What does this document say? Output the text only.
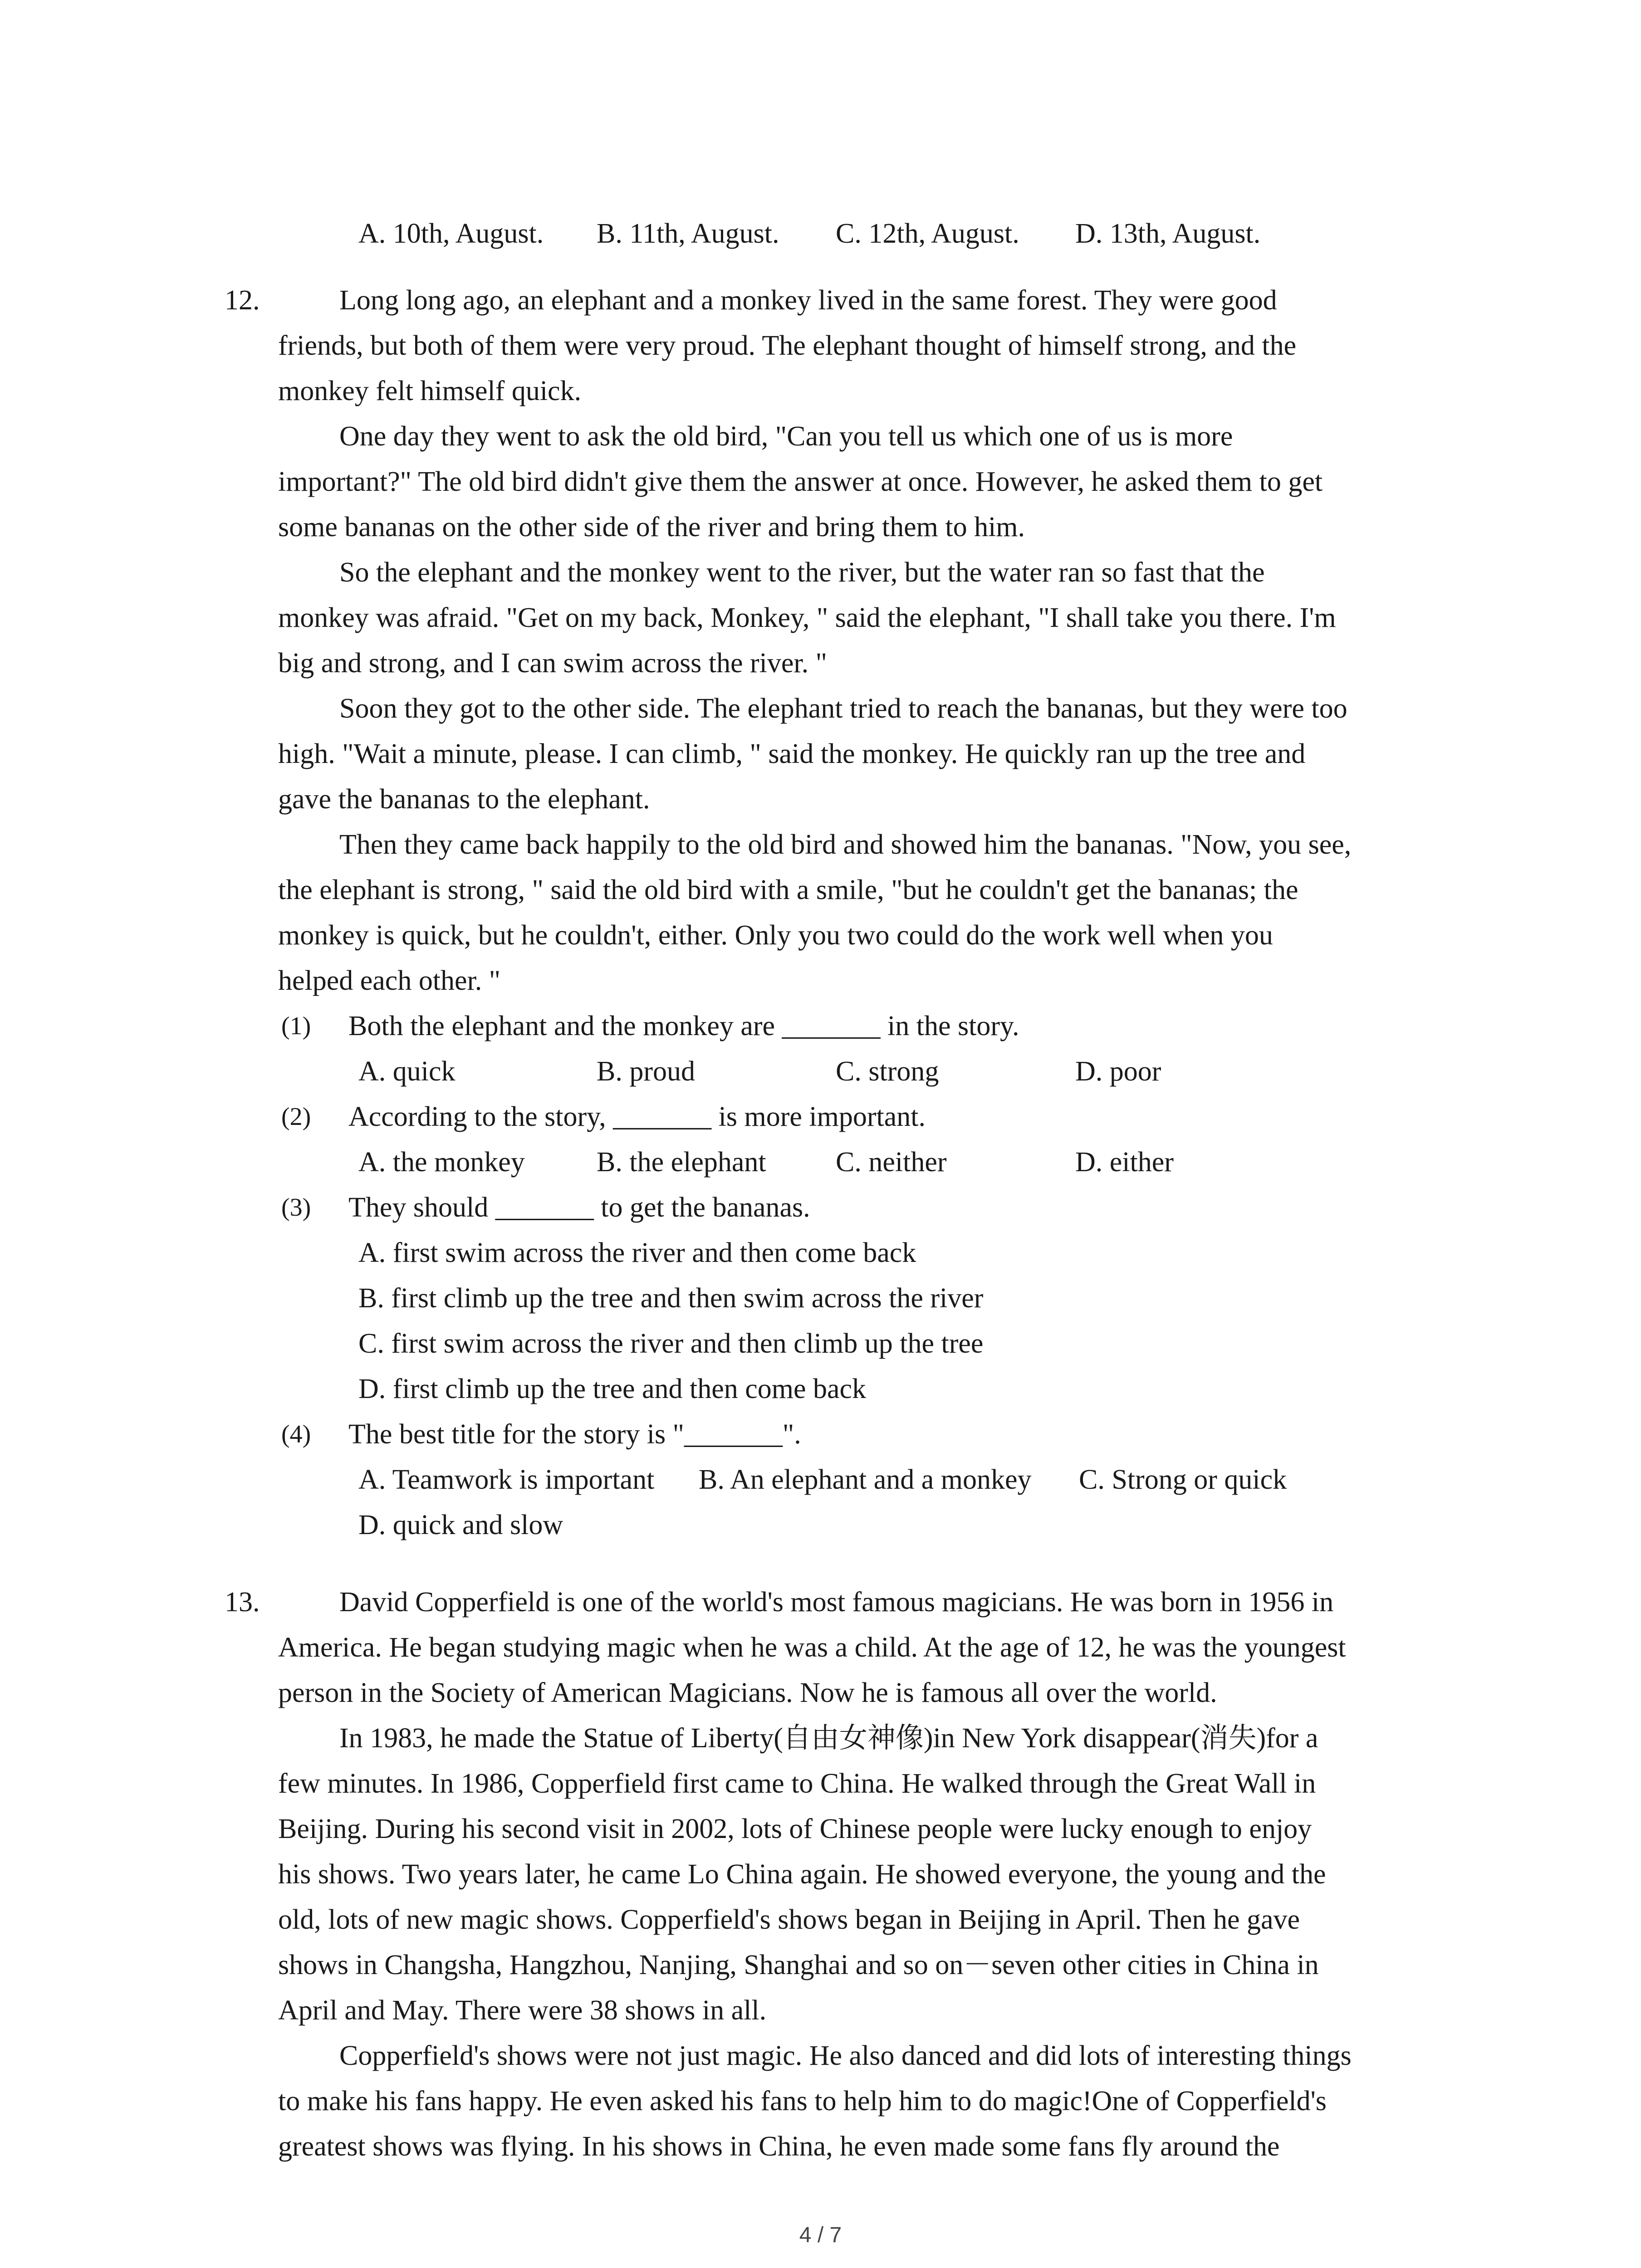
A. 10th, August. B. 11th, August. C. 12th, August. D. 13th, August.
12.	Long long ago, an elephant and a monkey lived in the same forest. They were good
friends, but both of them were very proud. The elephant thought of himself strong, and the
monkey felt himself quick.
One day they went to ask the old bird, "Can you tell us which one of us is more
important?" The old bird didn't give them the answer at once. However, he asked them to get
some bananas on the other side of the river and bring them to him.
So the elephant and the monkey went to the river, but the water ran so fast that the
monkey was afraid. "Get on my back, Monkey, " said the elephant, "I shall take you there. I'm
big and strong, and I can swim across the river. "
Soon they got to the other side. The elephant tried to reach the bananas, but they were too
high. "Wait a minute, please. I can climb, " said the monkey. He quickly ran up the tree and
gave the bananas to the elephant.
Then they came back happily to the old bird and showed him the bananas. "Now, you see,
the elephant is strong, " said the old bird with a smile, "but he couldn't get the bananas; the
monkey is quick, but he couldn't, either. Only you two could do the work well when you
helped each other. "
(1) Both the elephant and the monkey are _______ in the story.
A. quick	B. proud	C. strong	D. poor
(2) According to the story, _______ is more important.
A. the monkey	B. the elephant C. neither	D. either
(3) They should _______ to get the bananas.
A. first swim across the river and then come back
B. first climb up the tree and then swim across the river
C. first swim across the river and then climb up the tree
D. first climb up the tree and then come back
(4) The best title for the story is "_______".
A. Teamwork is important B. An elephant and a monkey C. Strong or quick
D. quick and slow
13.	David Copperfield is one of the world's most famous magicians. He was born in 1956 in
America. He began studying magic when he was a child. At the age of 12, he was the youngest
person in the Society of American Magicians. Now he is famous all over the world.
In 1983, he made the Statue of Liberty(自由女神像)in New York disappear(消失)for a
few minutes. In 1986, Copperfield first came to China. He walked through the Great Wall in
Beijing. During his second visit in 2002, lots of Chinese people were lucky enough to enjoy
his shows. Two years later, he came Lo China again. He showed everyone, the young and the
old, lots of new magic shows. Copperfield's shows began in Beijing in April. Then he gave
shows in Changsha, Hangzhou, Nanjing, Shanghai and so on－seven other cities in China in
April and May. There were 38 shows in all.
Copperfield's shows were not just magic. He also danced and did lots of interesting things
to make his fans happy. He even asked his fans to help him to do magic!One of Copperfield's
greatest shows was flying. In his shows in China, he even made some fans fly around the
4 / 7
